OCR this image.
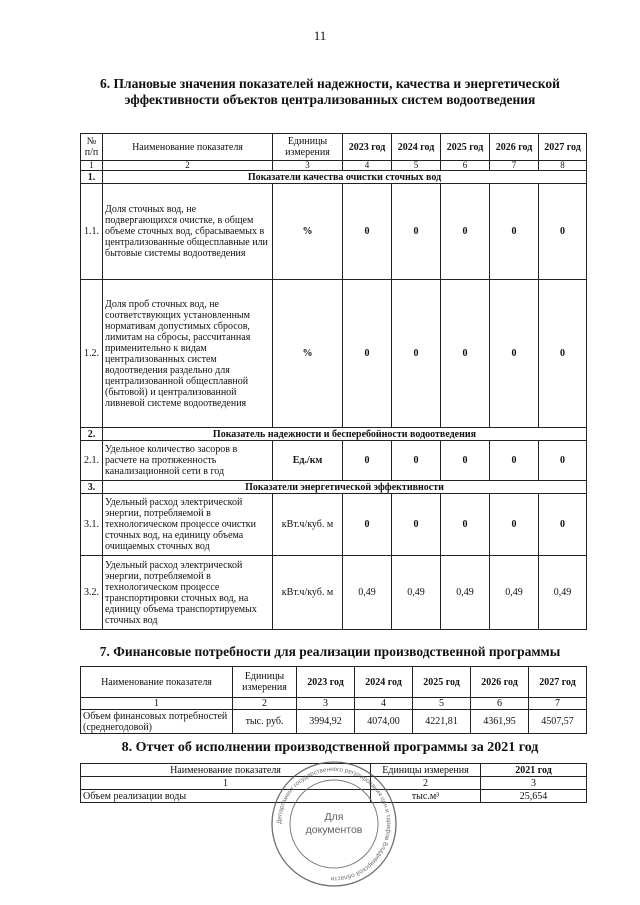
11
6. Плановые значения показателей надежности, качества и энергетической эффективности объектов централизованных систем водоотведения
№ п/п	Наименование показателя	Единицы измерения	2023 год	2024 год	2025 год	2026 год	2027 год
1	2	3	4	5	6	7	8
1.	Показатели качества очистки сточных вод						
1.1.	Доля сточных вод, не подвергающихся очистке, в общем объеме сточных вод, сбрасываемых в централизованные общесплавные или бытовые системы водоотведения	%	0	0	0	0	0
1.2.	Доля проб сточных вод, не соответствующих установленным нормативам допустимых сбросов, лимитам на сбросы, рассчитанная применительно к видам централизованных систем водоотведения раздельно для централизованной общесплавной (бытовой) и централизованной ливневой системе водоотведения	%	0	0	0	0	0
2.	Показатель надежности и бесперебойности водоотведения						
2.1.	Удельное количество засоров в расчете на протяженность канализационной сети в год	Ед./км	0	0	0	0	0
3.	Показатели энергетической эффективности						
3.1.	Удельный расход электрической энергии, потребляемой в технологическом процессе очистки сточных вод, на единицу объема очищаемых сточных вод	кВт.ч/куб. м	0	0	0	0	0
3.2.	Удельный расход электрической энергии, потребляемой в технологическом процессе транспортировки сточных вод, на единицу объема транспортируемых сточных вод	кВт.ч/куб. м	0,49	0,49	0,49	0,49	0,49
7. Финансовые потребности для реализации производственной программы
Наименование показателя	Единицы измерения	2023 год	2024 год	2025 год	2026 год	2027 год
1	2	3	4	5	6	7
Объем финансовых потребностей (среднегодовой)	тыс. руб.	3994,92	4074,00	4221,81	4361,95	4507,57
8. Отчет об исполнении производственной программы за 2021 год
Наименование показателя	Единицы измерения	2021 год
1	2	3
Объем реализации воды	тыс.м³	25,654
Департамент государственного регулирования цен и тарифов Владимирской области
Для документов
